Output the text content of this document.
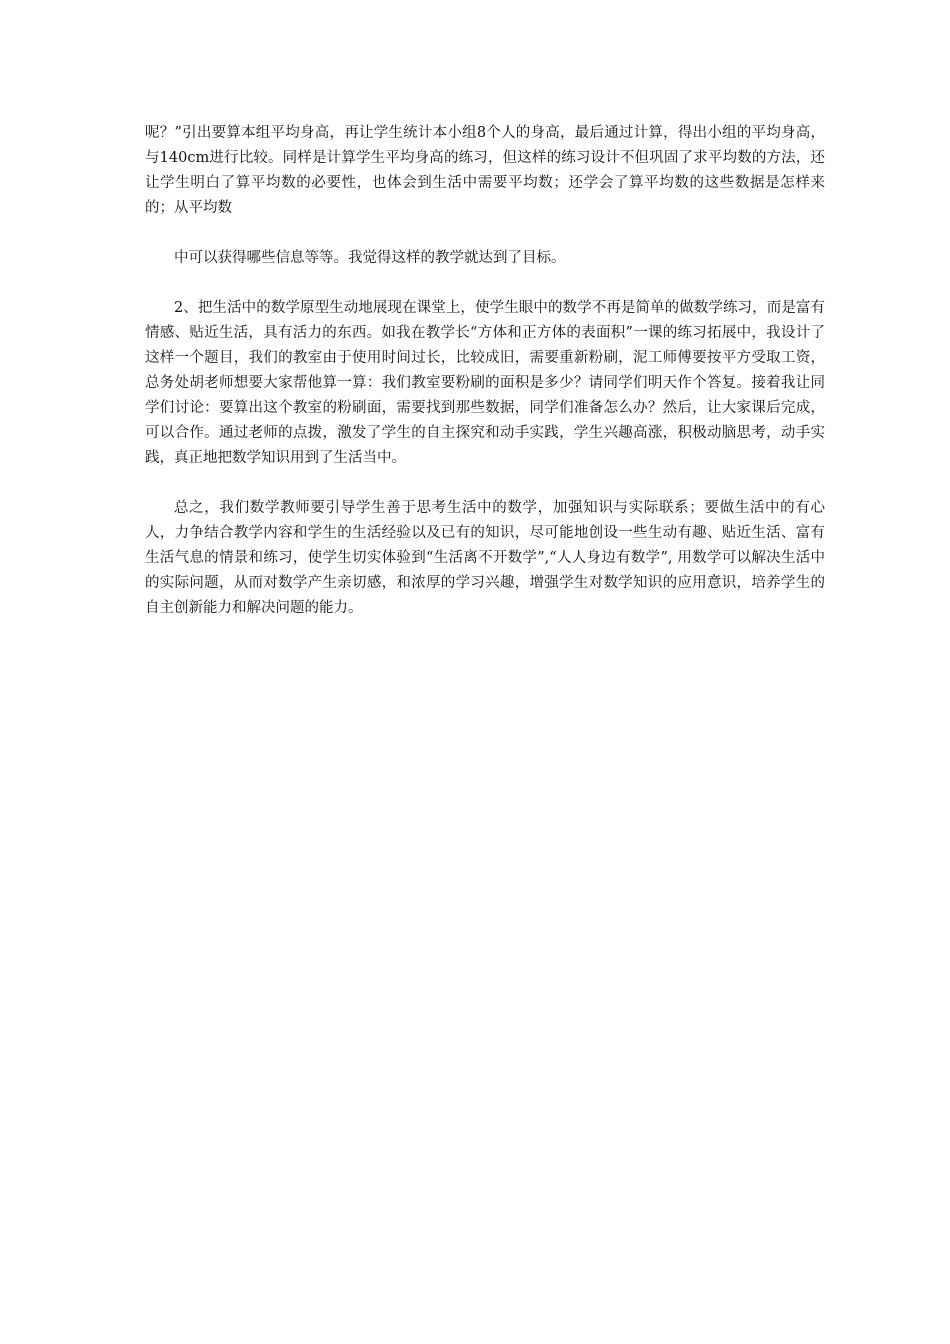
呢？”引出要算本组平均身高，再让学生统计本小组8个人的身高，最后通过计算，得出小组的平均身高，与140cm进行比较。同样是计算学生平均身高的练习，但这样的练习设计不但巩固了求平均数的方法，还让学生明白了算平均数的必要性，也体会到生活中需要平均数；还学会了算平均数的这些数据是怎样来的；从平均数

中可以获得哪些信息等等。我觉得这样的教学就达到了目标。

2、把生活中的数学原型生动地展现在课堂上，使学生眼中的数学不再是简单的做数学练习，而是富有情感、贴近生活，具有活力的东西。如我在教学长“方体和正方体的表面积”一课的练习拓展中，我设计了这样一个题目，我们的教室由于使用时间过长，比较成旧，需要重新粉刷，泥工师傅要按平方受取工资，总务处胡老师想要大家帮他算一算：我们教室要粉刷的面积是多少？请同学们明天作个答复。接着我让同学们讨论：要算出这个教室的粉刷面，需要找到那些数据，同学们准备怎么办？然后，让大家课后完成，可以合作。通过老师的点拨，激发了学生的自主探究和动手实践，学生兴趣高涨，积极动脑思考，动手实践，真正地把数学知识用到了生活当中。

总之，我们数学教师要引导学生善于思考生活中的数学，加强知识与实际联系；要做生活中的有心人，力争结合教学内容和学生的生活经验以及已有的知识，尽可能地创设一些生动有趣、贴近生活、富有生活气息的情景和练习，使学生切实体验到“生活离不开数学”,“人人身边有数学”, 用数学可以解决生活中的实际问题，从而对数学产生亲切感，和浓厚的学习兴趣，增强学生对数学知识的应用意识，培养学生的自主创新能力和解决问题的能力。
